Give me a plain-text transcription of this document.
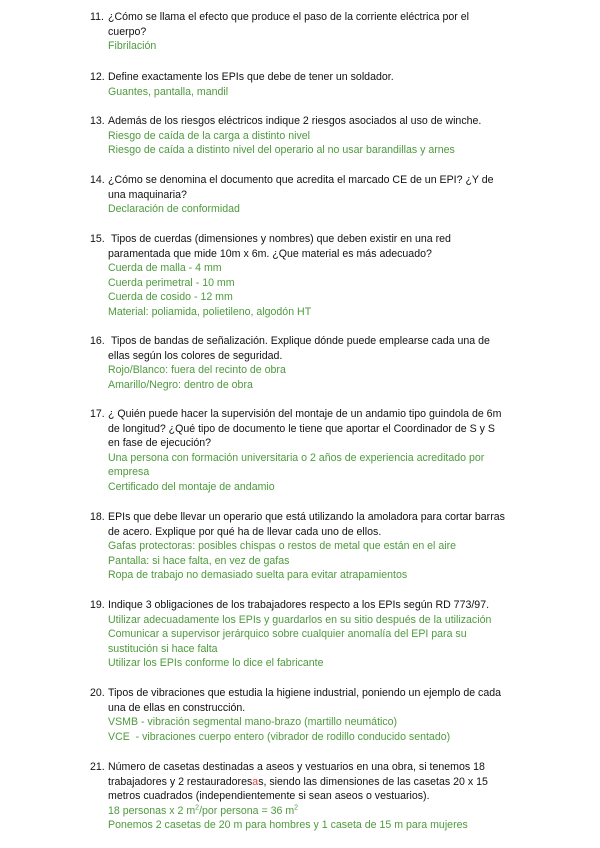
11. ¿Cómo se llama el efecto que produce el paso de la corriente eléctrica por el
cuerpo?
Fibrilación
12. Define exactamente los EPIs que debe de tener un soldador.
Guantes, pantalla, mandil
13. Además de los riesgos eléctricos indique 2 riesgos asociados al uso de winche.
Riesgo de caída de la carga a distinto nivel
Riesgo de caída a distinto nivel del operario al no usar barandillas y arnes
14. ¿Cómo se denomina el documento que acredita el marcado CE de un EPI? ¿Y de
una maquinaria?
Declaración de conformidad
15. Tipos de cuerdas (dimensiones y nombres) que deben existir en una red
paramentada que mide 10m x 6m. ¿Que material es más adecuado?
Cuerda de malla - 4 mm
Cuerda perimetral - 10 mm
Cuerda de cosido - 12 mm
Material: poliamida, polietileno, algodón HT
16. Tipos de bandas de señalización. Explique dónde puede emplearse cada una de
ellas según los colores de seguridad.
Rojo/Blanco: fuera del recinto de obra
Amarillo/Negro: dentro de obra
17. ¿ Quién puede hacer la supervisión del montaje de un andamio tipo guindola de 6m
de longitud? ¿Qué tipo de documento le tiene que aportar el Coordinador de S y S
en fase de ejecución?
Una persona con formación universitaria o 2 años de experiencia acreditado por
empresa
Certificado del montaje de andamio
18. EPIs que debe llevar un operario que está utilizando la amoladora para cortar barras
de acero. Explique por qué ha de llevar cada uno de ellos.
Gafas protectoras: posibles chispas o restos de metal que están en el aire
Pantalla: si hace falta, en vez de gafas
Ropa de trabajo no demasiado suelta para evitar atrapamientos
19. Indique 3 obligaciones de los trabajadores respecto a los EPIs según RD 773/97.
Utilizar adecuadamente los EPIs y guardarlos en su sitio después de la utilización
Comunicar a supervisor jerárquico sobre cualquier anomalía del EPI para su
sustitución si hace falta
Utilizar los EPIs conforme lo dice el fabricante
20. Tipos de vibraciones que estudia la higiene industrial, poniendo un ejemplo de cada
una de ellas en construcción.
VSMB - vibración segmental mano-brazo (martillo neumático)
VCE  - vibraciones cuerpo entero (vibrador de rodillo conducido sentado)
21. Número de casetas destinadas a aseos y vestuarios en una obra, si tenemos 18
trabajadores y 2 restauradoresas, siendo las dimensiones de las casetas 20 x 15
metros cuadrados (independientemente si sean aseos o vestuarios).
18 personas x 2 $m^2$/por persona = 36 $m^2$
Ponemos 2 casetas de 20 m para hombres y 1 caseta de 15 m para mujeres
